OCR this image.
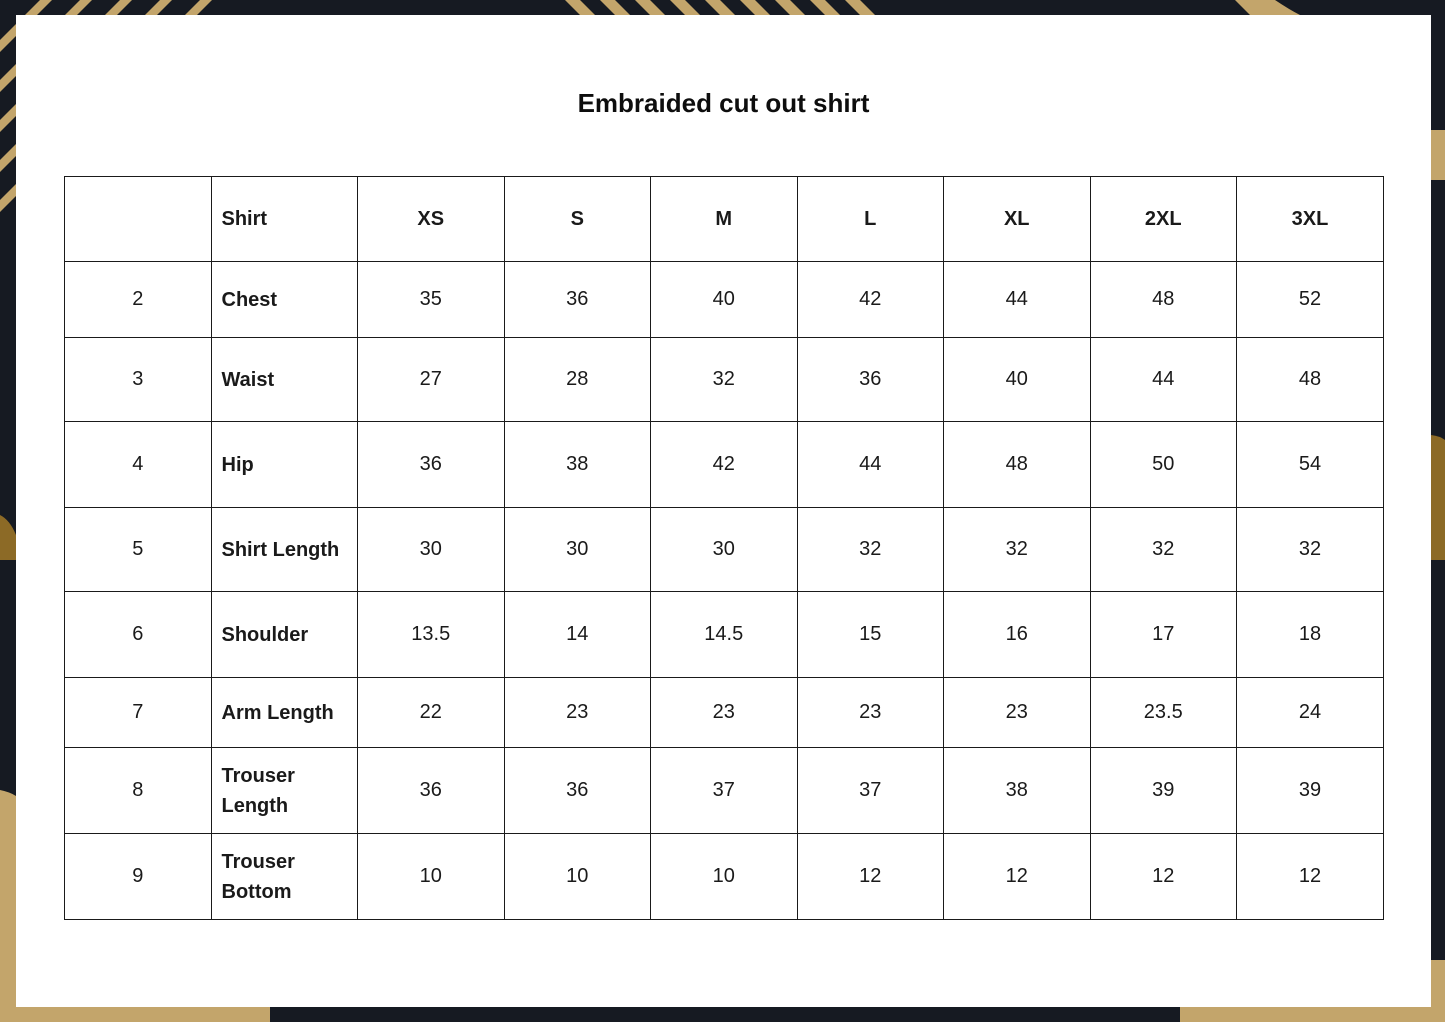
Embraided cut out shirt
	Shirt	XS	S	M	L	XL	2XL	3XL
2	Chest	35	36	40	42	44	48	52
3	Waist	27	28	32	36	40	44	48
4	Hip	36	38	42	44	48	50	54
5	Shirt Length	30	30	30	32	32	32	32
6	Shoulder	13.5	14	14.5	15	16	17	18
7	Arm Length	22	23	23	23	23	23.5	24
8	Trouser Length	36	36	37	37	38	39	39
9	Trouser Bottom	10	10	10	12	12	12	12
